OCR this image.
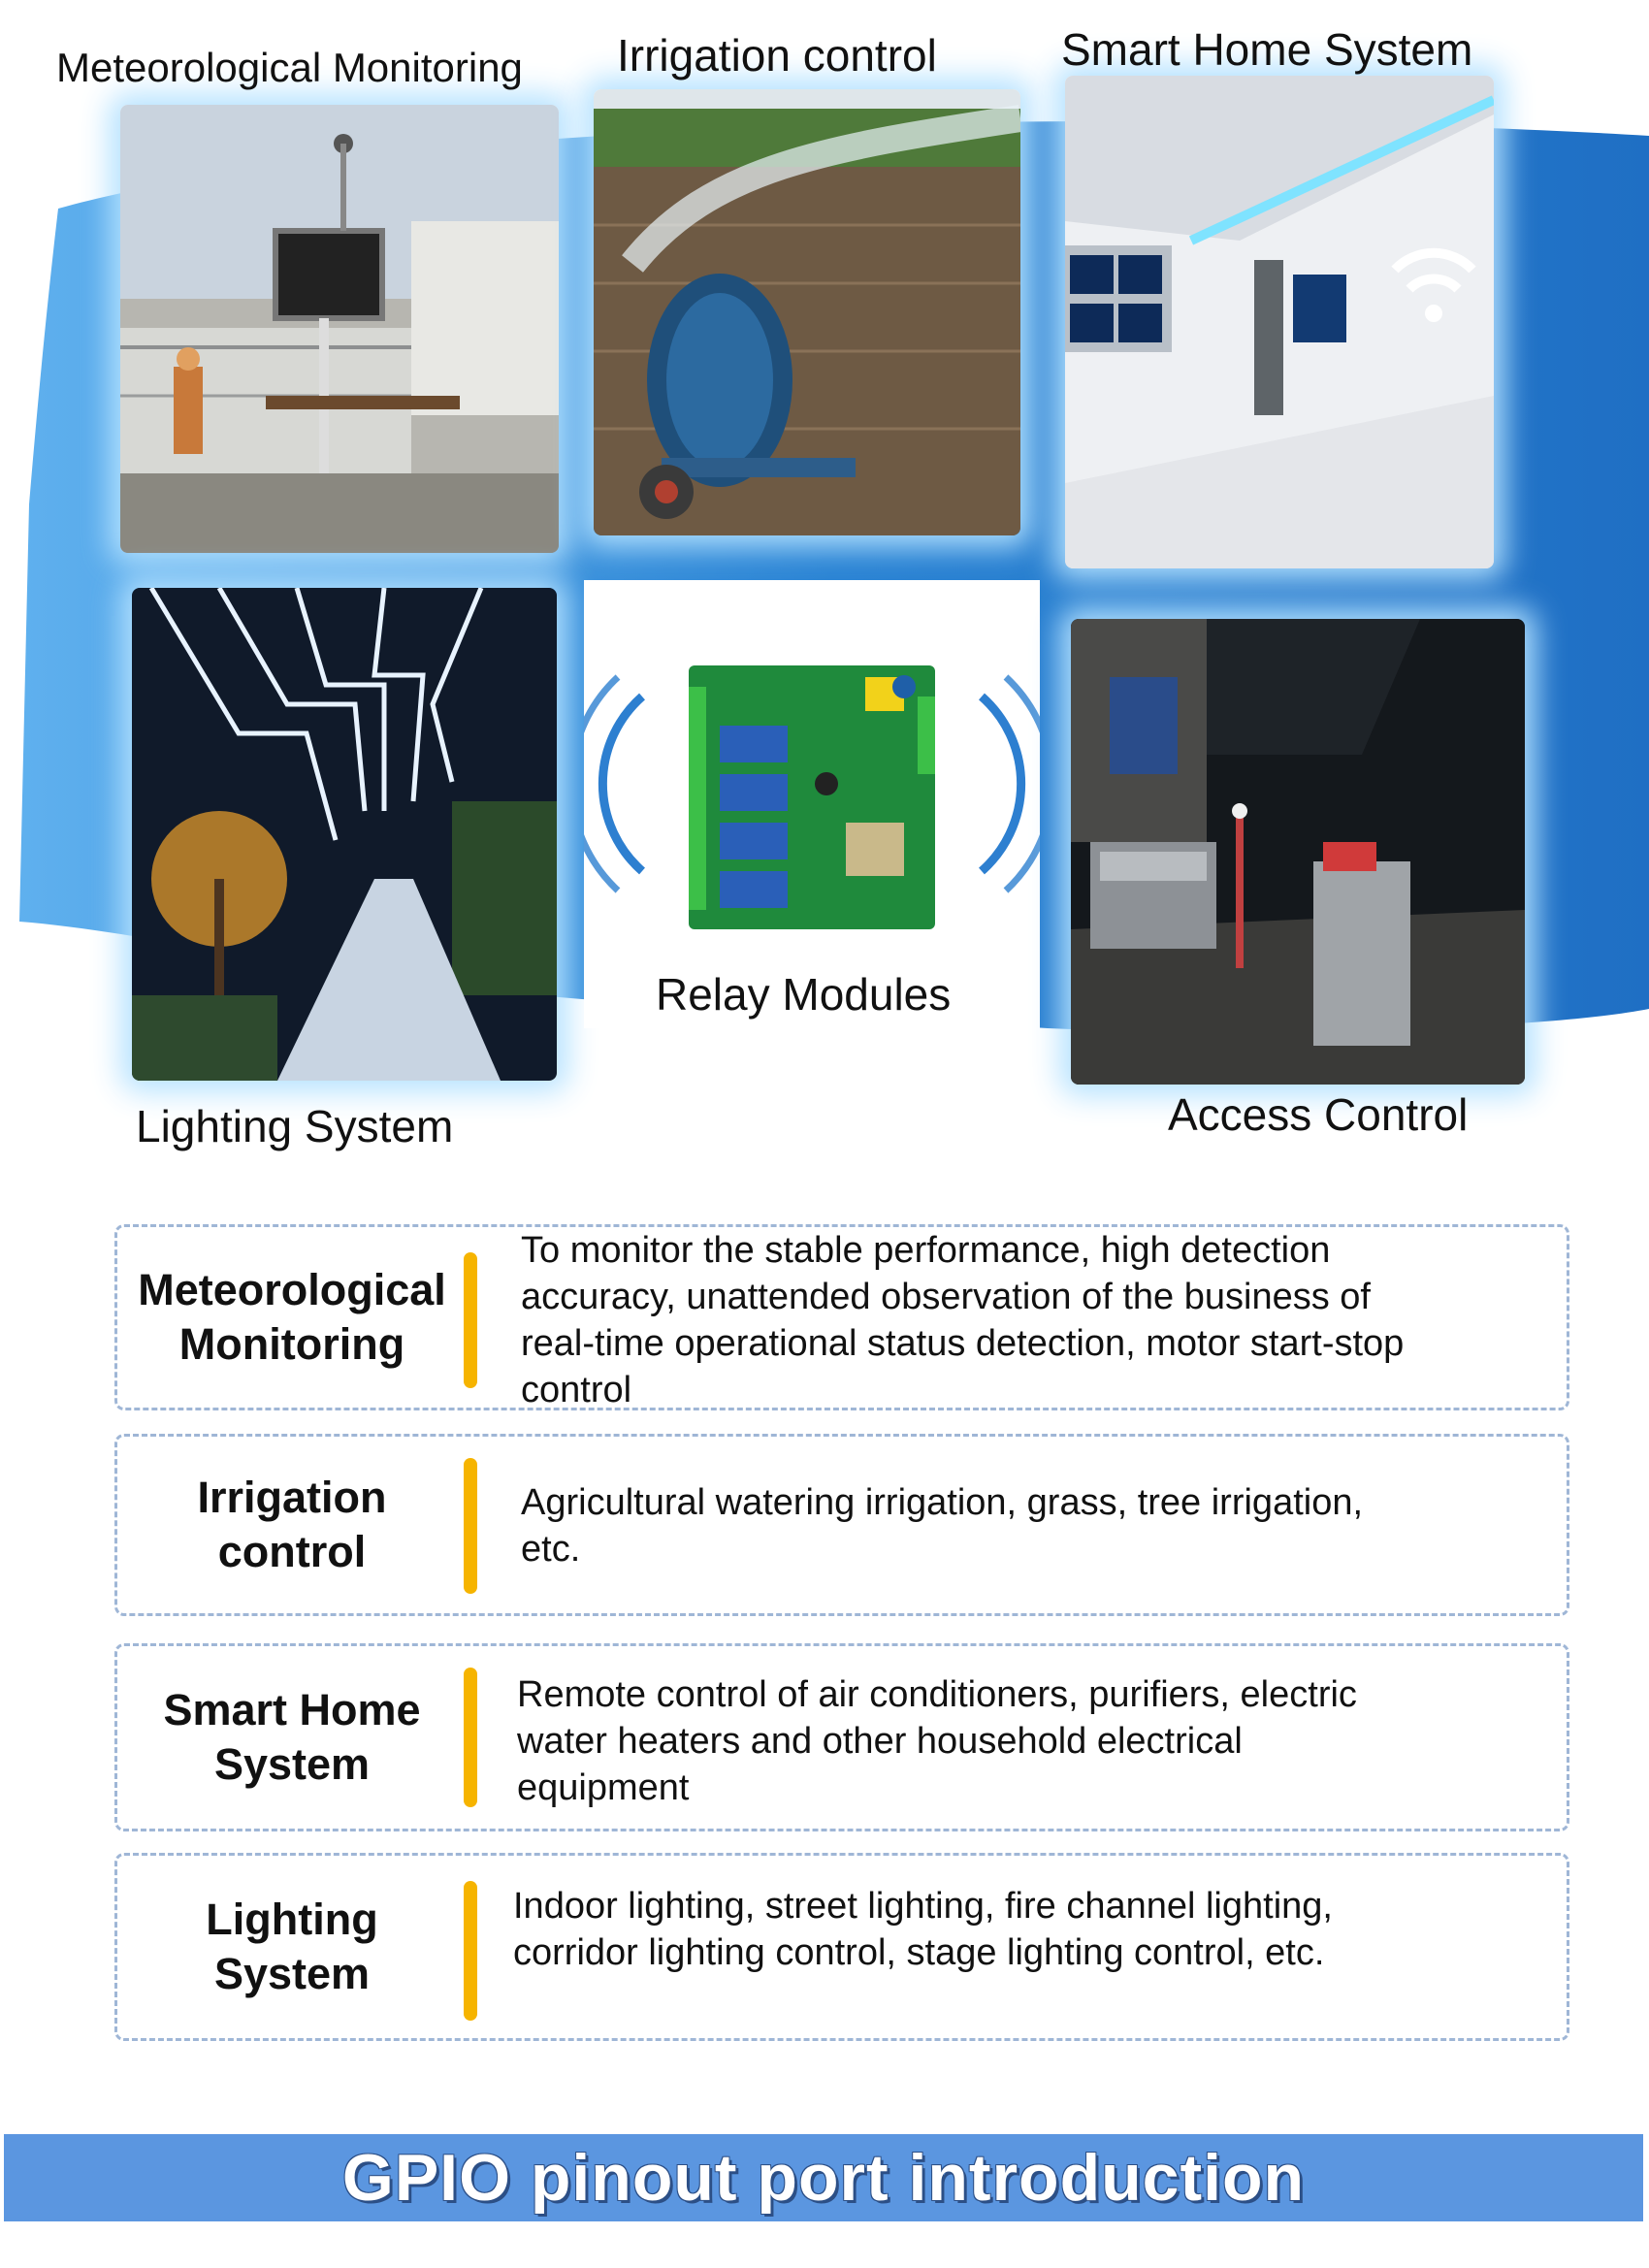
Meteorological Monitoring Irrigation control	Smart Home System
Relay Modules
Lighting System	Access Control
Meteorological
Monitoring
To monitor the stable performance, high detection
accuracy, unattended observation of the business of
real-time operational status detection, motor start-stop
control
Irrigation
control
Agricultural watering irrigation, grass, tree irrigation,
etc.
Smart Home
System
Remote control of air conditioners, purifiers, electric
water heaters and other household electrical
equipment
Lighting
System
Indoor lighting, street lighting, fire channel lighting,
corridor lighting control, stage lighting control, etc.
GPIO pinout port introduction
